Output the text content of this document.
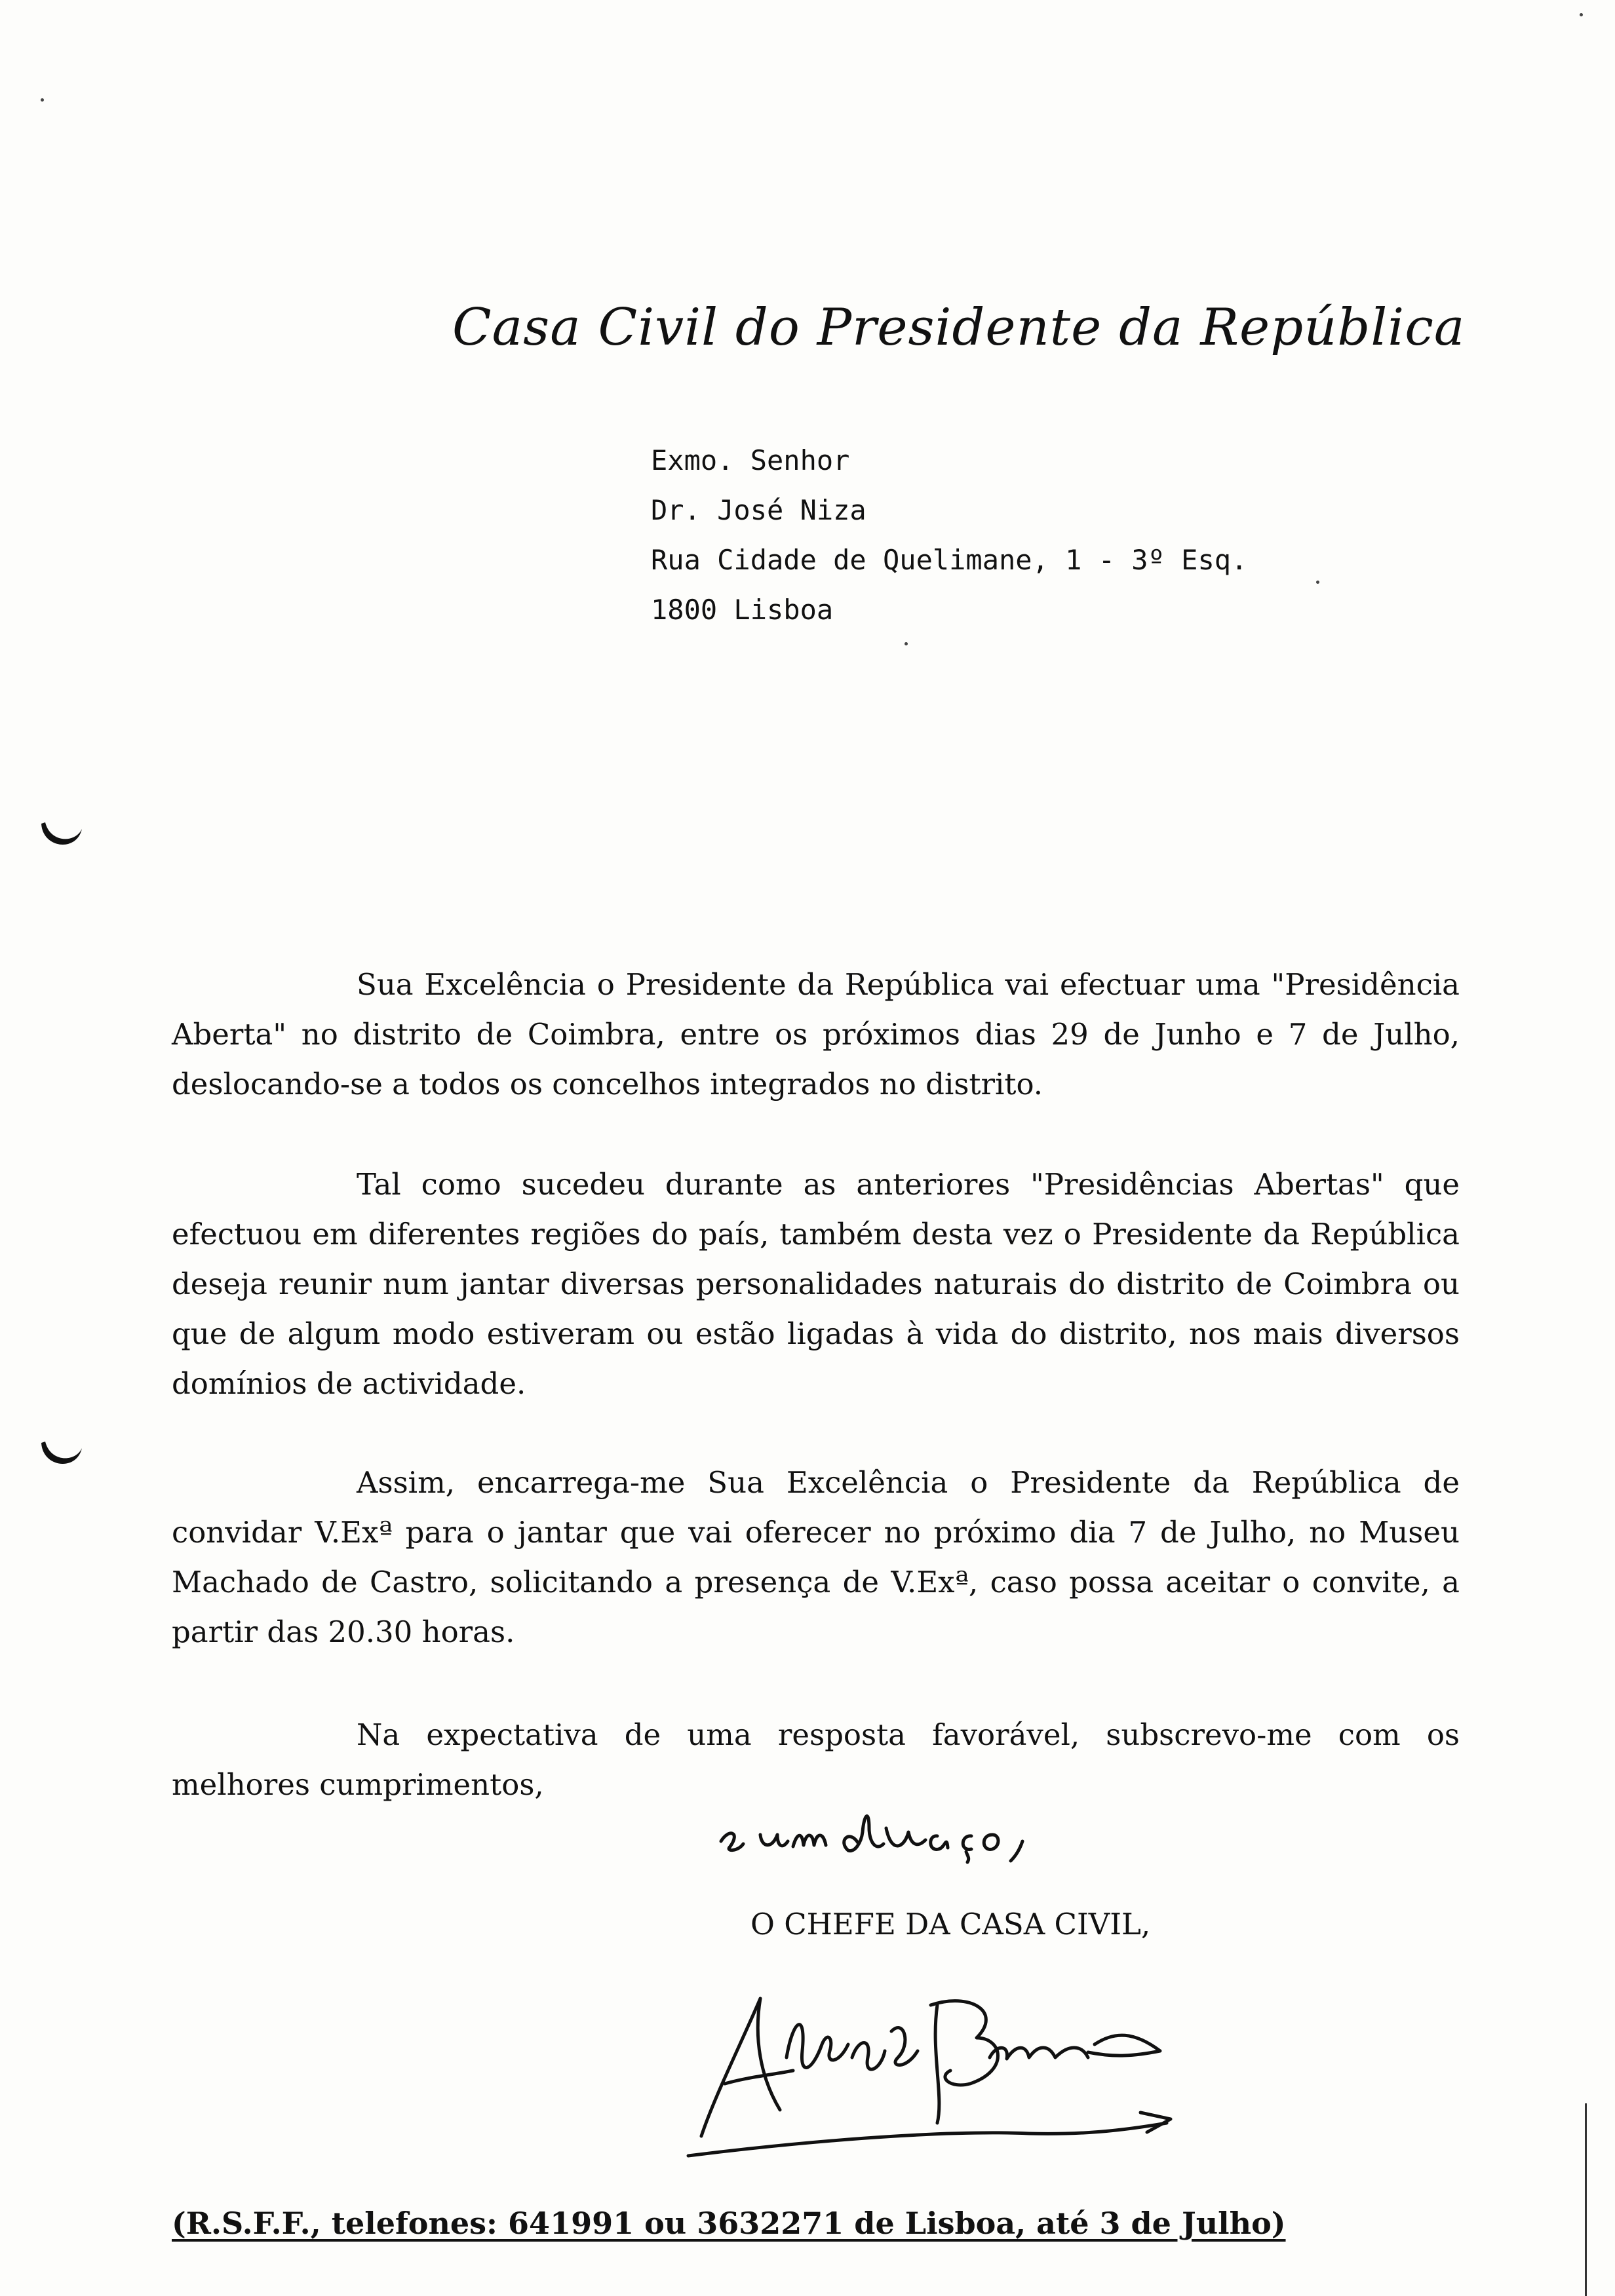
Casa Civil do Presidente da República
Exmo. Senhor
Dr. José Niza
Rua Cidade de Quelimane, 1 - 3º Esq.
1800 Lisboa

Sua Excelência o Presidente da República vai efectuar uma "Presidência Aberta" no distrito de Coimbra, entre os próximos dias 29 de Junho e 7 de Julho, deslocando-se a todos os concelhos integrados no distrito.

Tal como sucedeu durante as anteriores "Presidências Abertas" que efectuou em diferentes regiões do país, também desta vez o Presidente da República deseja reunir num jantar diversas personalidades naturais do distrito de Coimbra ou que de algum modo estiveram ou estão ligadas à vida do distrito, nos mais diversos domínios de actividade.

Assim, encarrega-me Sua Excelência o Presidente da República de convidar V.Exª para o jantar que vai oferecer no próximo dia 7 de Julho, no Museu Machado de Castro, solicitando a presença de V.Exª, caso possa aceitar o convite, a partir das 20.30 horas.

Na expectativa de uma resposta favorável, subscrevo-me com os melhores cumprimentos,

O CHEFE DA CASA CIVIL,
(R.S.F.F., telefones: 641991 ou 3632271 de Lisboa, até 3 de Julho)
